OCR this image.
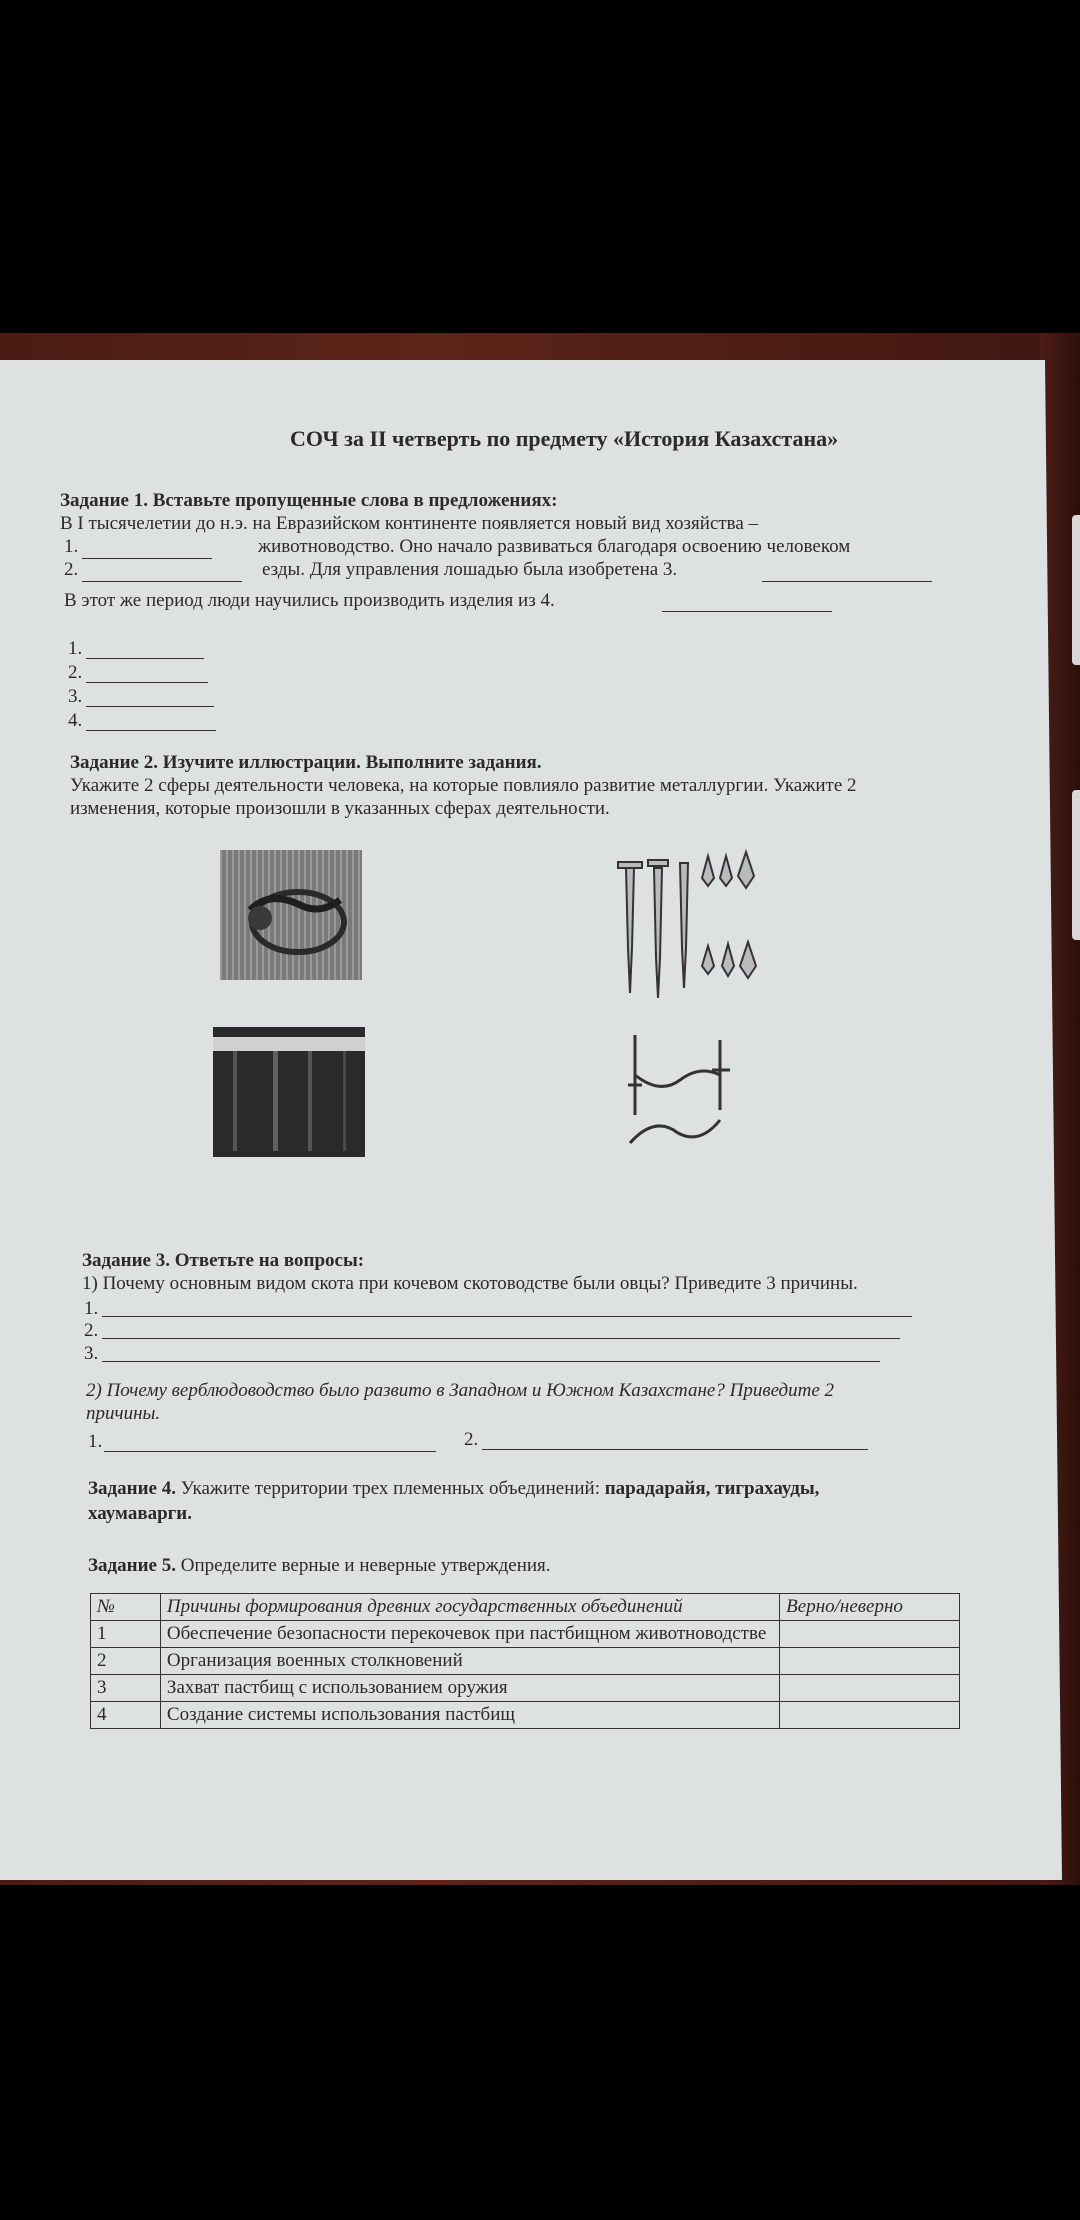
СОЧ за II четверть по предмету «История Казахстана»
Задание 1. Вставьте пропущенные слова в предложениях:
В I тысячелетии до н.э. на Евразийском континенте появляется новый вид хозяйства –
1.	животноводство. Оно начало развиваться благодаря освоению человеком
2.	езды. Для управления лошадью была изобретена 3.
В этот же период люди научились производить изделия из 4.
1.
2.
3.
4.
Задание 2. Изучите иллюстрации. Выполните задания.
Укажите 2 сферы деятельности человека, на которые повлияло развитие металлургии. Укажите 2
изменения, которые произошли в указанных сферах деятельности.
Задание 3. Ответьте на вопросы:
1) Почему основным видом скота при кочевом скотоводстве были овцы? Приведите 3 причины.
1.
2.
3.
2) Почему верблюдоводство было развито в Западном и Южном Казахстане? Приведите 2
причины.
1.	2.
Задание 4. Укажите территории трех племенных объединений: парадарайя, тиграхауды,
хаумаварги.
Задание 5. Определите верные и неверные утверждения.
№	Причины формирования древних государственных объединений	Верно/неверно
1	Обеспечение безопасности перекочевок при пастбищном животноводстве	
2	Организация военных столкновений	
3	Захват пастбищ с использованием оружия	
4	Создание системы использования пастбищ	
